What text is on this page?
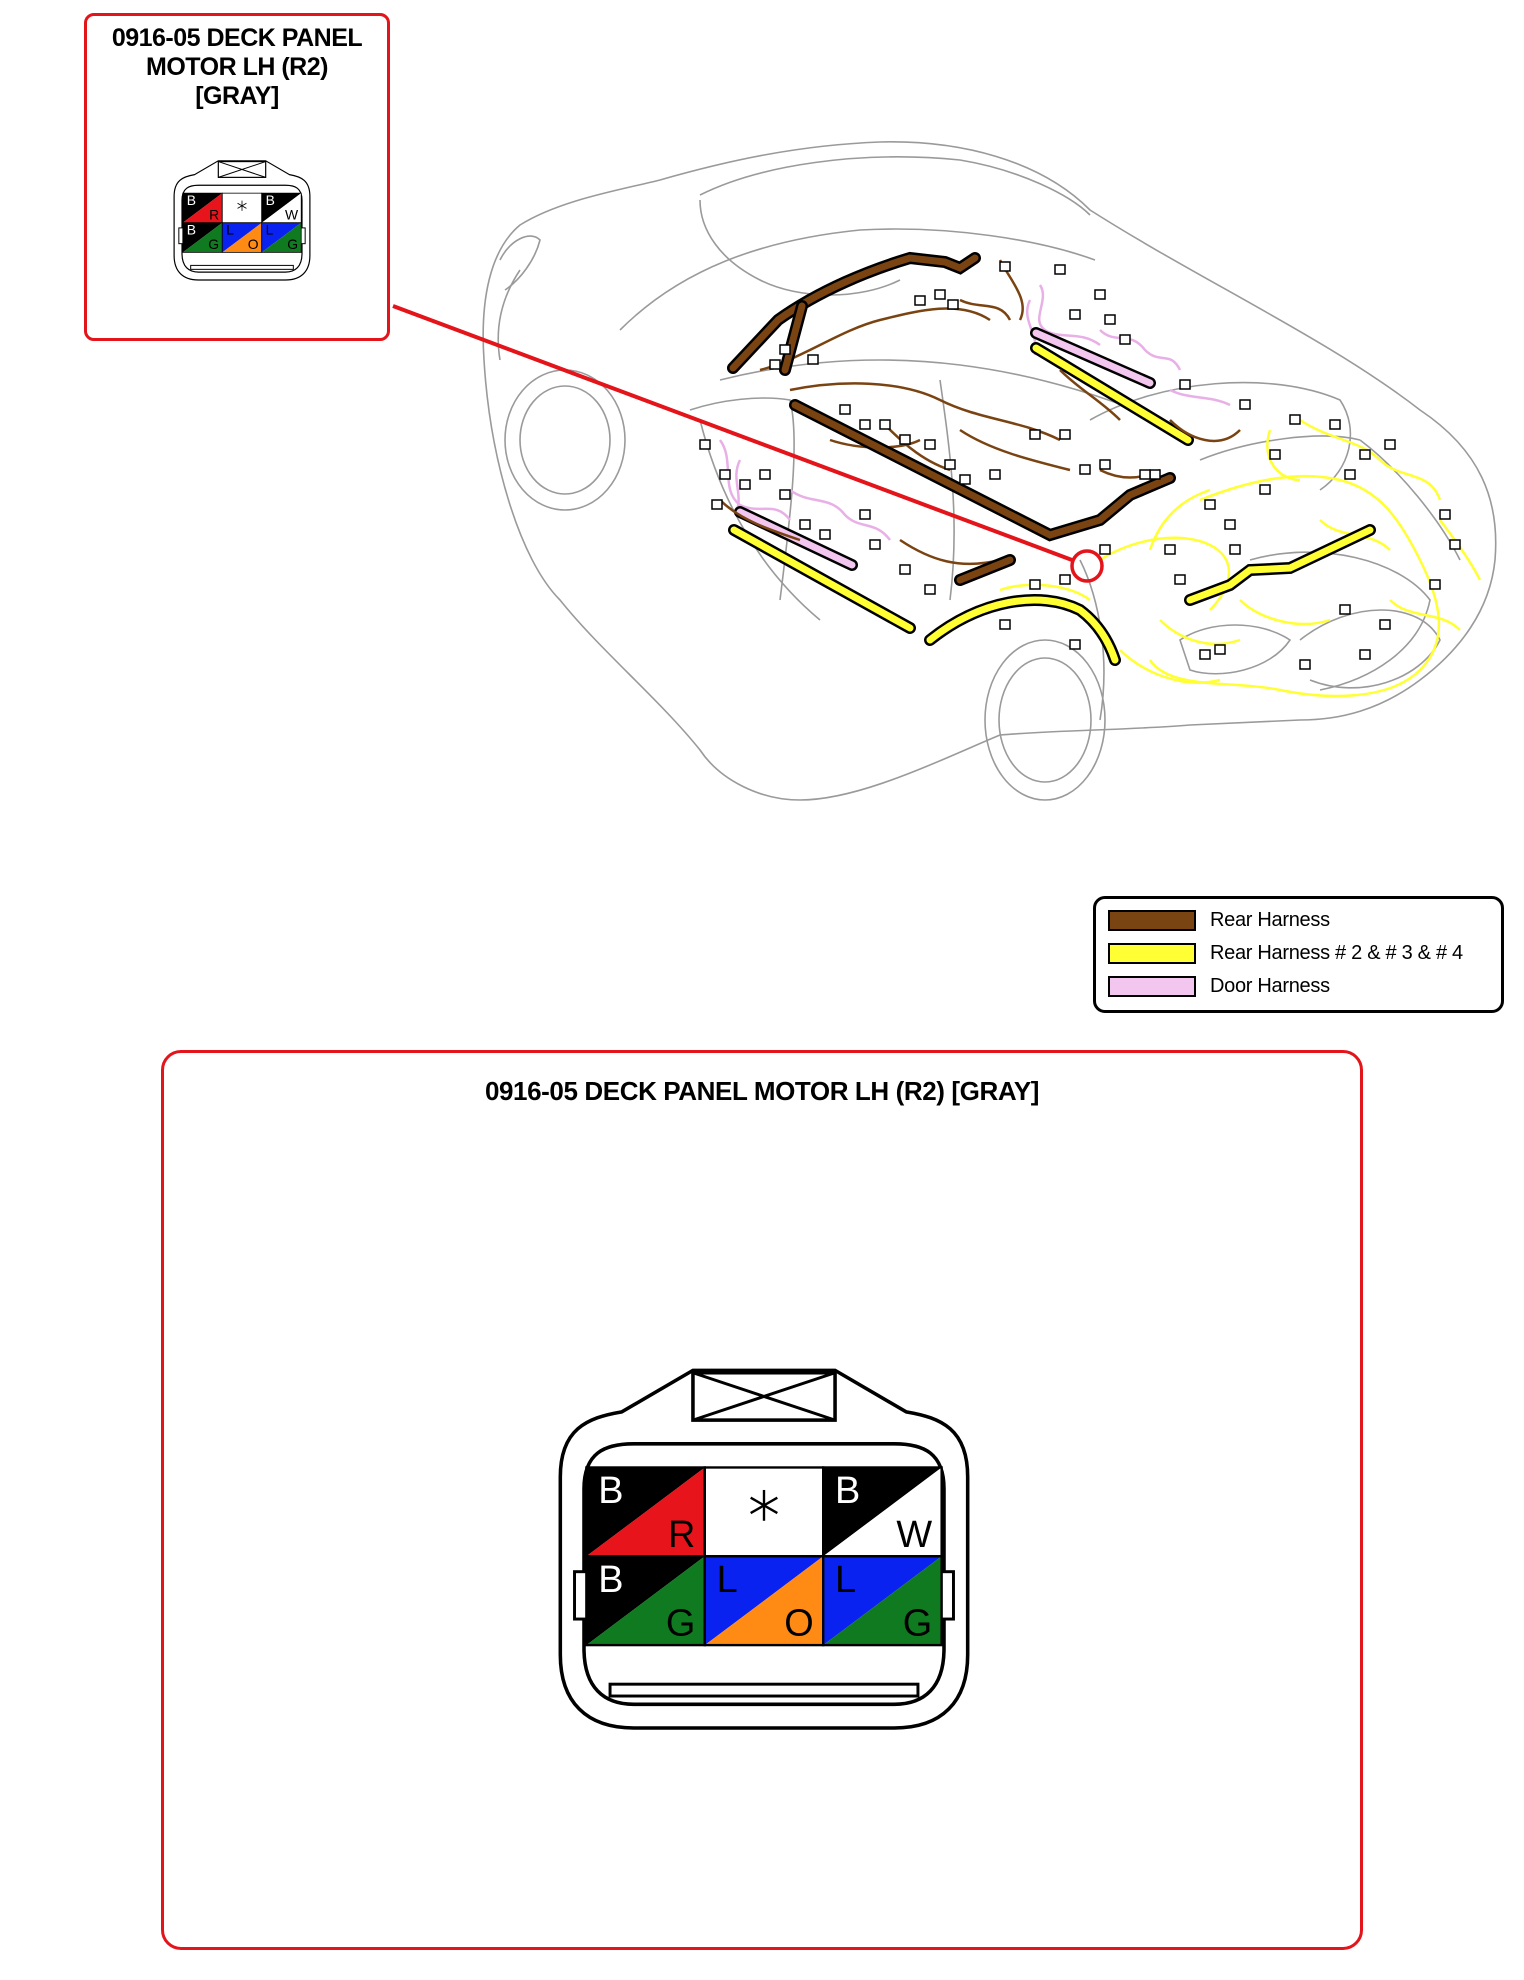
0916-05 DECK PANEL
MOTOR LH (R2)
[GRAY]
B
R
B
W
B
G
L
O
L
G
Rear Harness
Rear Harness # 2 & # 3 & # 4
Door Harness
0916-05 DECK PANEL MOTOR LH (R2) [GRAY]
B
R
B
W
B
G
L
O
L
G
